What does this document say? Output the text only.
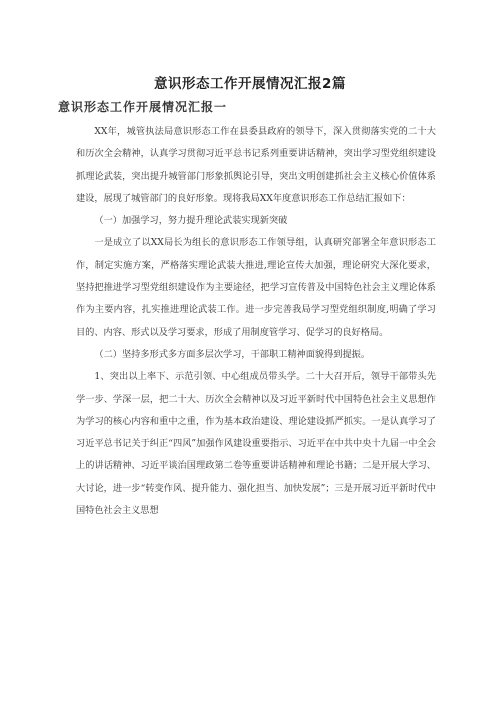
意识形态工作开展情况汇报2篇
意识形态工作开展情况汇报一

XX年，城管执法局意识形态工作在县委县政府的领导下，深入贯彻落实党的二十大和历次全会精神，认真学习贯彻习近平总书记系列重要讲话精神，突出学习型党组织建设抓理论武装，突出提升城管部门形象抓舆论引导，突出文明创建抓社会主义核心价值体系建设，展现了城管部门的良好形象。现将我局XX年度意识形态工作总结汇报如下：

（一）加强学习，努力提升理论武装实现新突破

一是成立了以XX局长为组长的意识形态工作领导组，认真研究部署全年意识形态工作，制定实施方案，严格落实理论武装大推进,理论宣传大加强，理论研究大深化要求，坚持把推进学习型党组织建设作为主要途径，把学习宣传普及中国特色社会主义理论体系作为主要内容，扎实推进理论武装工作。进一步完善我局学习型党组织制度,明确了学习目的、内容、形式以及学习要求，形成了用制度管学习、促学习的良好格局。

（二）坚持多形式多方面多层次学习，干部职工精神面貌得到提振。

1、突出以上率下、示范引领、中心组成员带头学。二十大召开后，领导干部带头先学一步、学深一层，把二十大、历次全会精神以及习近平新时代中国特色社会主义思想作为学习的核心内容和重中之重，作为基本政治建设、理论建设抓严抓实。一是认真学习了习近平总书记关于纠正“四风”加强作风建设重要指示、习近平在中共中央十九届一中全会上的讲话精神、习近平谈治国理政第二卷等重要讲话精神和理论书籍；二是开展大学习、大讨论，进一步“转变作风、提升能力、强化担当、加快发展”；三是开展习近平新时代中国特色社会主义思想
